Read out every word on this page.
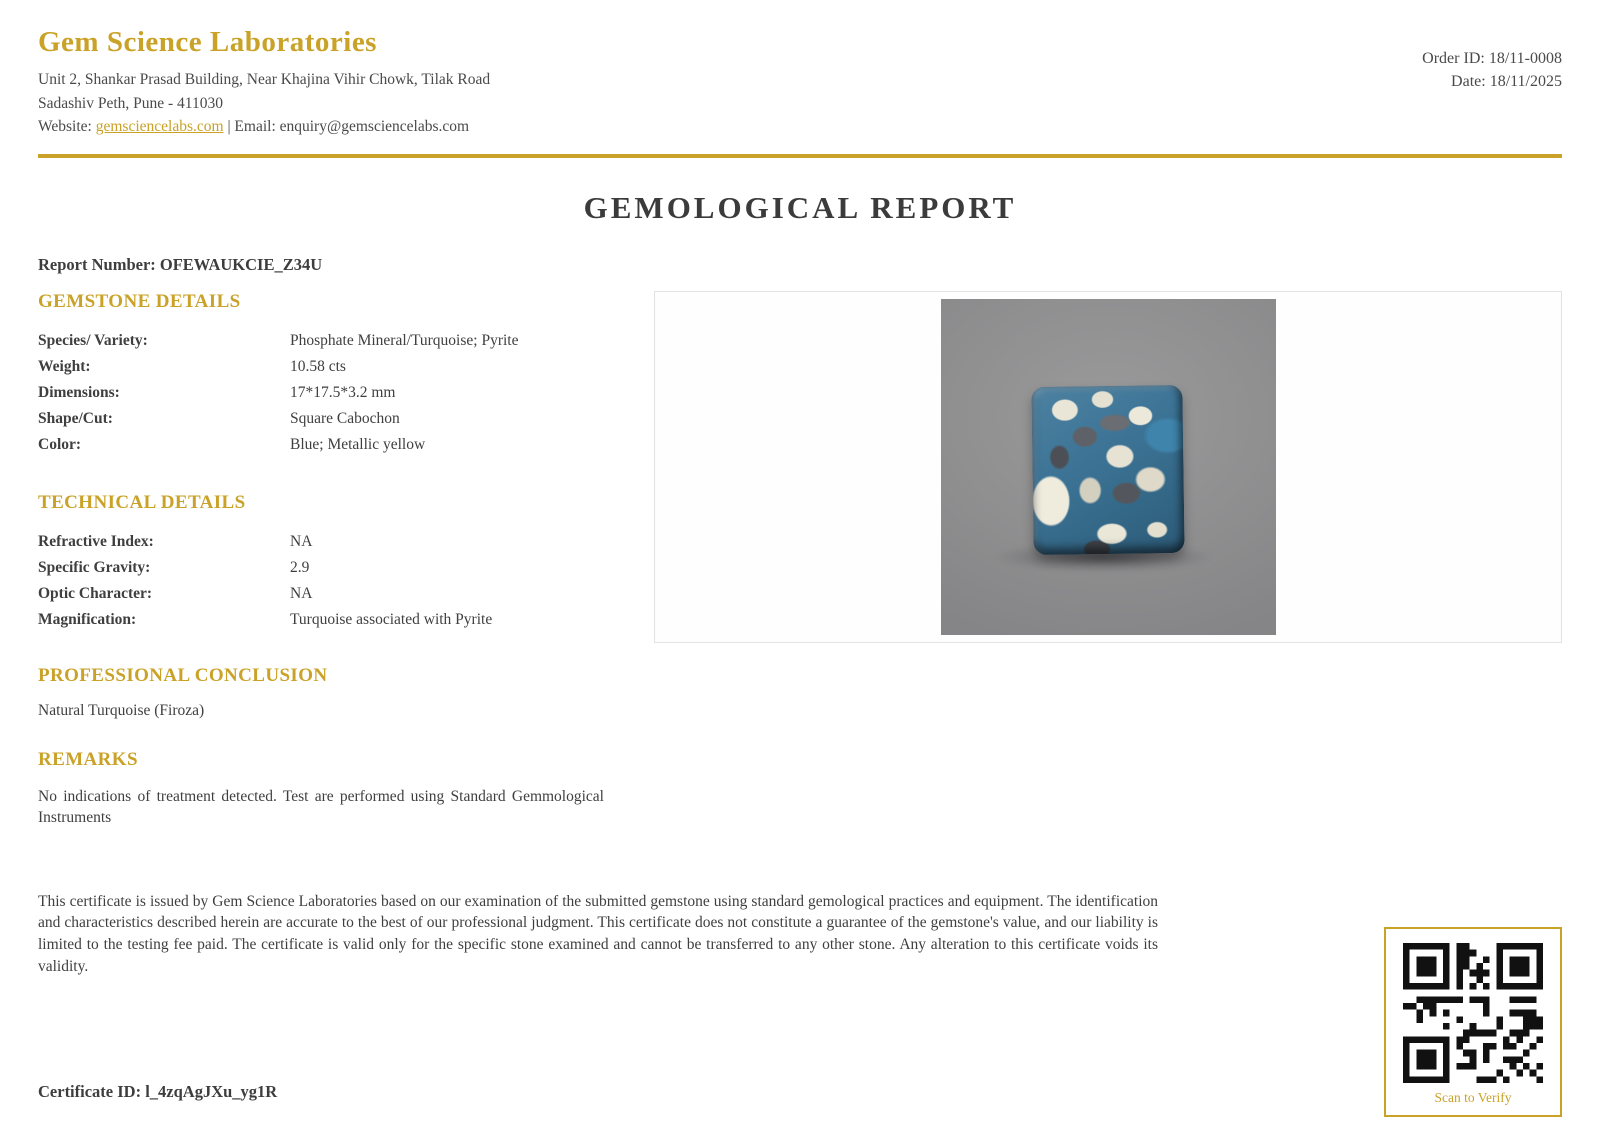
Gem Science Laboratories

Unit 2, Shankar Prasad Building, Near Khajina Vihir Chowk, Tilak Road

Sadashiv Peth, Pune - 411030

Website: gemsciencelabs.com | Email: enquiry@gemsciencelabs.com

Order ID: 18/11-0008
Date: 18/11/2025
GEMOLOGICAL REPORT

Report Number: OFEWAUKCIE_Z34U

GEMSTONE DETAILS
Species/ Variety:	Phosphate Mineral/Turquoise; Pyrite
Weight:	10.58 cts
Dimensions:	17*17.5*3.2 mm
Shape/Cut:	Square Cabochon
Color:	Blue; Metallic yellow
TECHNICAL DETAILS
Refractive Index:	NA
Specific Gravity:	2.9
Optic Character:	NA
Magnification:	Turquoise associated with Pyrite
PROFESSIONAL CONCLUSION

Natural Turquoise (Firoza)

REMARKS

No indications of treatment detected. Test are performed using Standard Gemmological Instruments

This certificate is issued by Gem Science Laboratories based on our examination of the submitted gemstone using standard gemological practices and equipment. The identification and characteristics described herein are accurate to the best of our professional judgment. This certificate does not constitute a guarantee of the gemstone's value, and our liability is limited to the testing fee paid. The certificate is valid only for the specific stone examined and cannot be transferred to any other stone. Any alteration to this certificate voids its validity.

Certificate ID: l_4zqAgJXu_yg1R	Scan to Verify
